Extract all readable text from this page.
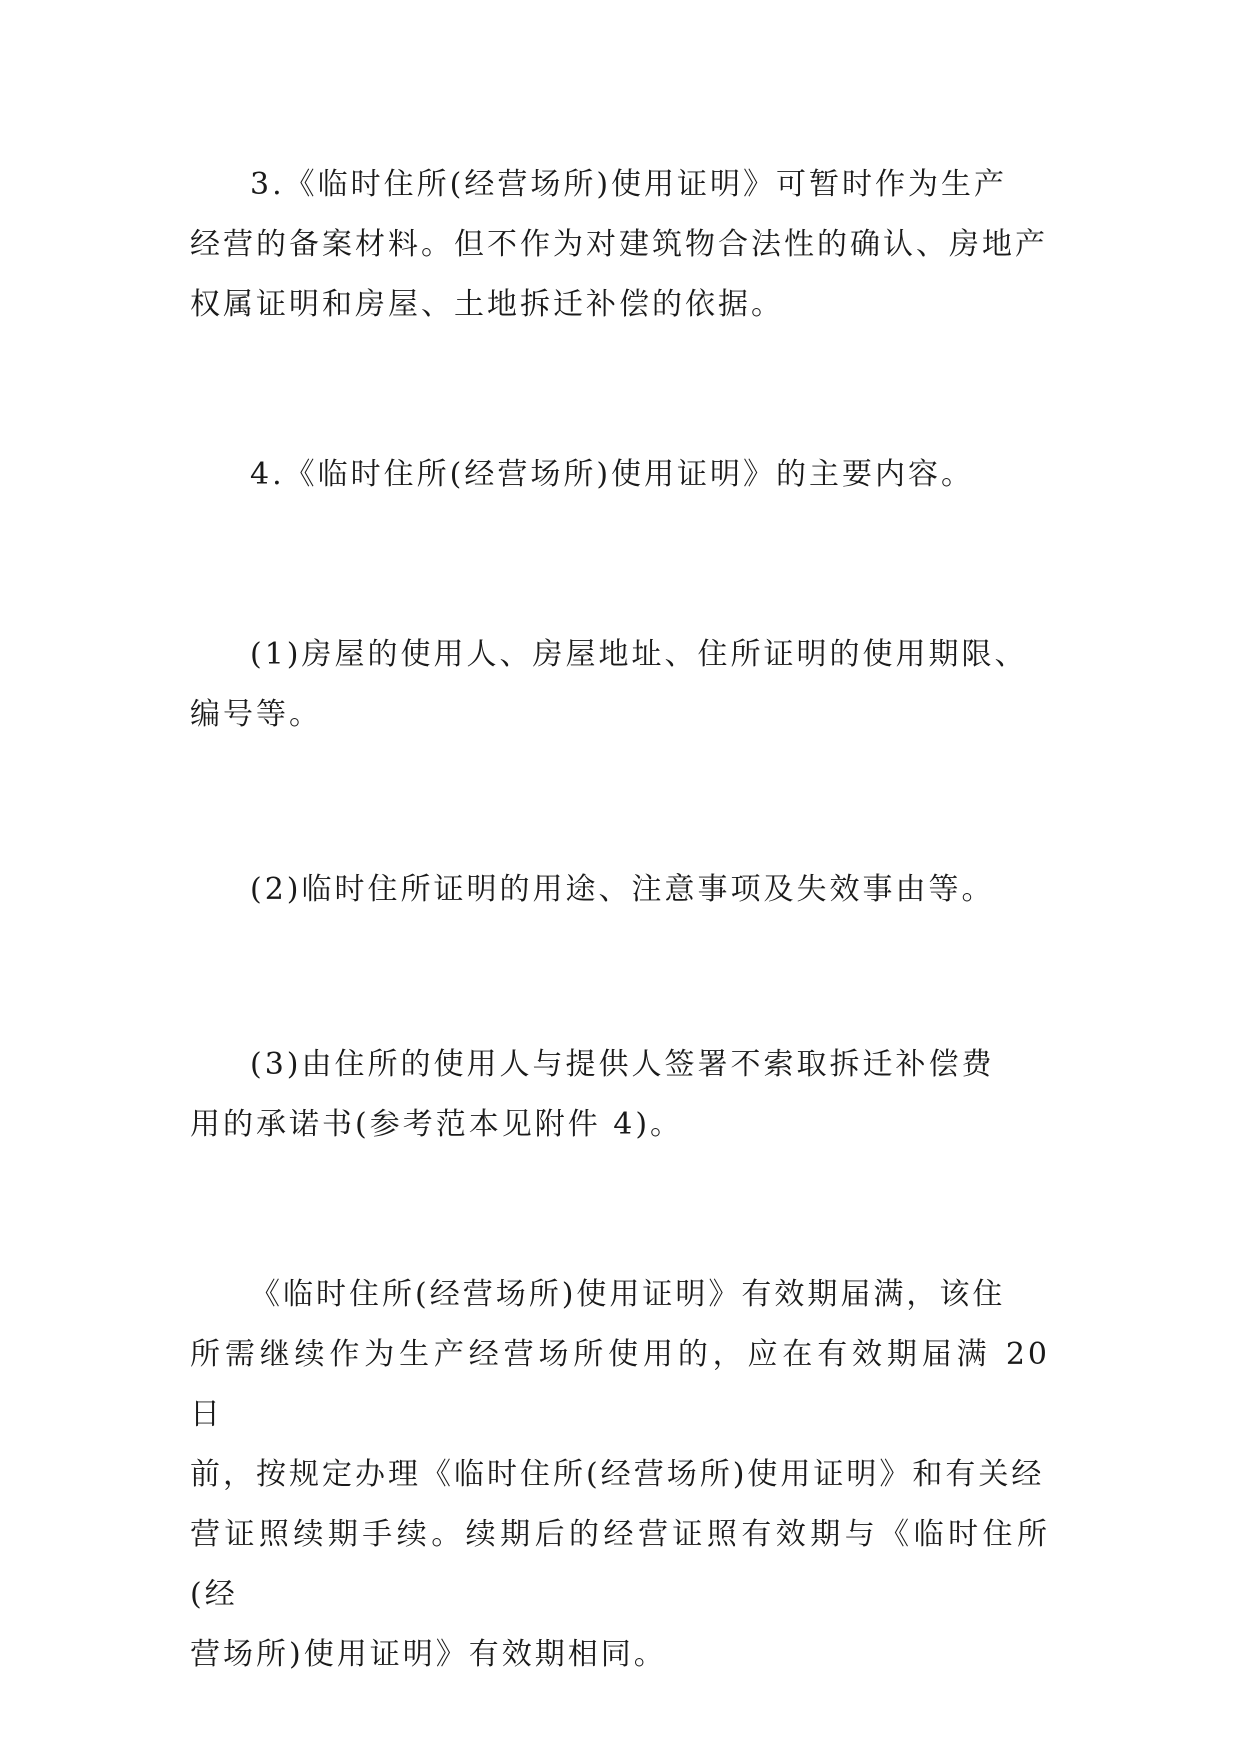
3.《临时住所(经营场所)使用证明》可暂时作为生产
经营的备案材料。但不作为对建筑物合法性的确认、房地产
权属证明和房屋、土地拆迁补偿的依据。

4.《临时住所(经营场所)使用证明》的主要内容。

(1)房屋的使用人、房屋地址、住所证明的使用期限、
编号等。

(2)临时住所证明的用途、注意事项及失效事由等。

(3)由住所的使用人与提供人签署不索取拆迁补偿费
用的承诺书(参考范本见附件 4)。

《临时住所(经营场所)使用证明》有效期届满，该住
所需继续作为生产经营场所使用的，应在有效期届满 20 日
前，按规定办理《临时住所(经营场所)使用证明》和有关经
营证照续期手续。续期后的经营证照有效期与《临时住所(经
营场所)使用证明》有效期相同。
